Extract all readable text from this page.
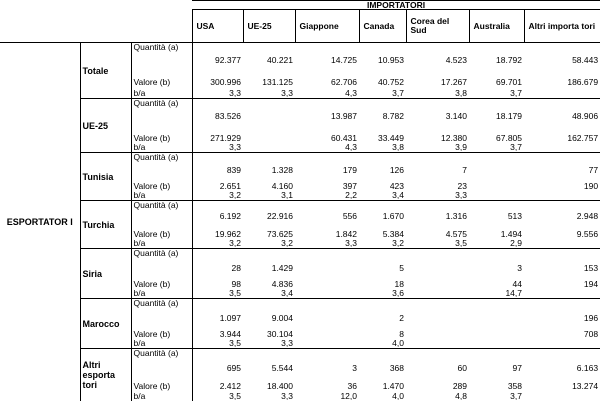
			IMPORTATORI							
			USA	UE-25	Giappone	Canada	Corea del Sud	Australia	Altri importa tori	
ESPORTATOR I	Totale	Quantità (a)	92.377	40.221	14.725	10.953	4.523	18.792	58.443	
		Valore (b)	300.996	131.125	62.706	40.752	17.267	69.701	186.679	
		b/a	3,3	3,3	4,3	3,7	3,8	3,7		
	UE-25	Quantità (a)	83.526		13.987	8.782	3.140	18.179	48.906	
		Valore (b)	271.929		60.431	33.449	12.380	67.805	162.757	
		b/a	3,3		4,3	3,8	3,9	3,7		
	Tunisia	Quantità (a)	839	1.328	179	126	7		77	
		Valore (b)	2.651	4.160	397	423	23		190	
		b/a	3,2	3,1	2,2	3,4	3,3			
	Turchia	Quantità (a)	6.192	22.916	556	1.670	1.316	513	2.948	
		Valore (b)	19.962	73.625	1.842	5.384	4.575	1.494	9.556	
		b/a	3,2	3,2	3,3	3,2	3,5	2,9		
	Siria	Quantità (a)	28	1.429		5		3	153	
		Valore (b)	98	4.836		18		44	194	
		b/a	3,5	3,4		3,6		14,7		
	Marocco	Quantità (a)	1.097	9.004		2			196	
		Valore (b)	3.944	30.104		8			708	
		b/a	3,5	3,3		4,0				
	Altri esporta tori	Quantità (a)	695	5.544	3	368	60	97	6.163	
		Valore (b)	2.412	18.400	36	1.470	289	358	13.274	
		b/a	3,5	3,3	12,0	4,0	4,8	3,7		
